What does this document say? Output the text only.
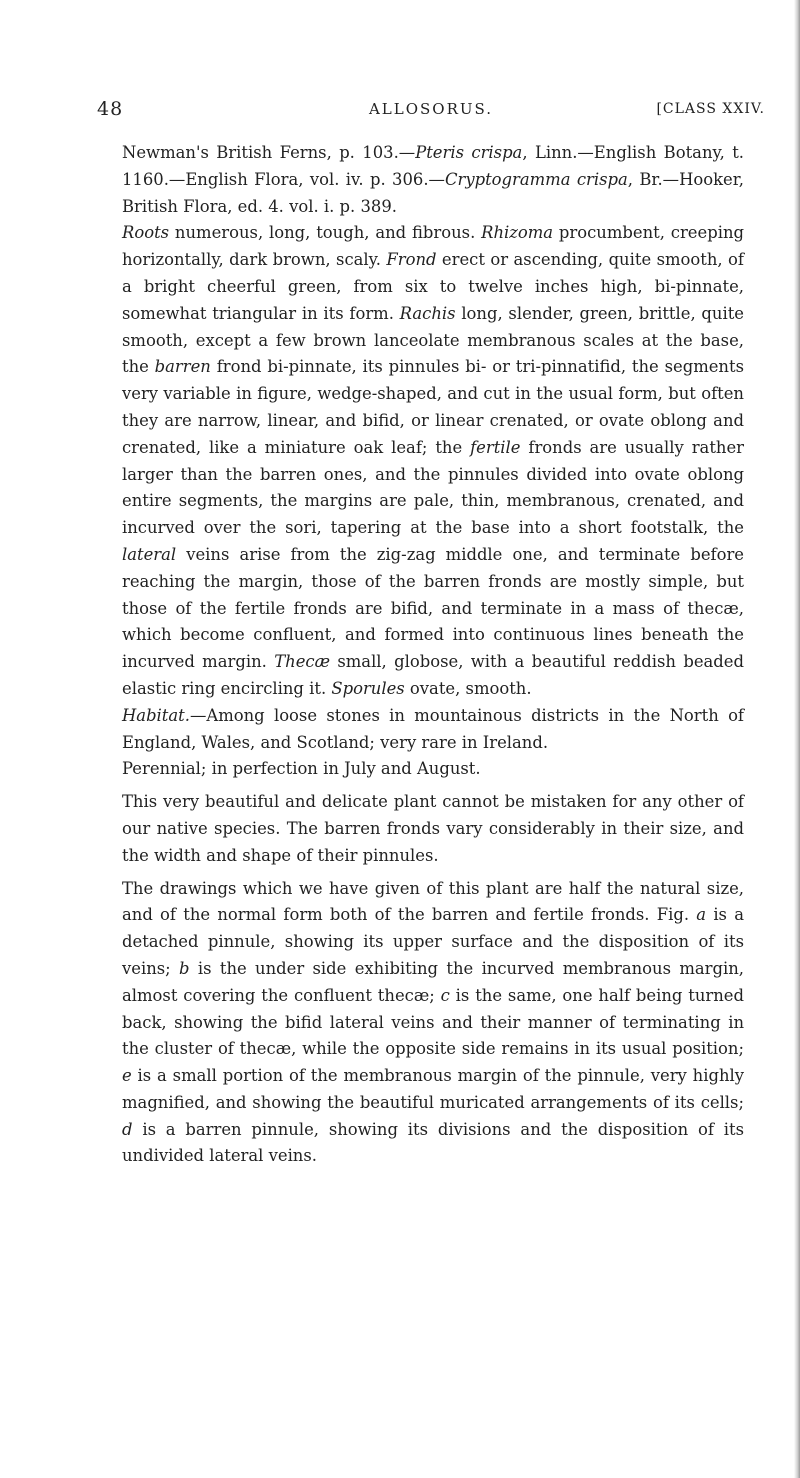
48	ALLOSORUS.	[CLASS XXIV.

Newman's British Ferns, p. 103.—Pteris crispa, Linn.—English Botany, t. 1160.—English Flora, vol. iv. p. 306.—Cryptogramma crispa, Br.—Hooker, British Flora, ed. 4. vol. i. p. 389.

Roots numerous, long, tough, and fibrous. Rhizoma procumbent, creeping horizontally, dark brown, scaly. Frond erect or ascending, quite smooth, of a bright cheerful green, from six to twelve inches high, bi-pinnate, somewhat triangular in its form. Rachis long, slender, green, brittle, quite smooth, except a few brown lanceolate membranous scales at the base, the barren frond bi-pinnate, its pinnules bi- or tri-pinnatifid, the segments very variable in figure, wedge-shaped, and cut in the usual form, but often they are narrow, linear, and bifid, or linear crenated, or ovate oblong and crenated, like a miniature oak leaf; the fertile fronds are usually rather larger than the barren ones, and the pinnules divided into ovate oblong entire segments, the margins are pale, thin, membranous, crenated, and incurved over the sori, tapering at the base into a short footstalk, the lateral veins arise from the zig-zag middle one, and terminate before reaching the margin, those of the barren fronds are mostly simple, but those of the fertile fronds are bifid, and terminate in a mass of thecæ, which become confluent, and formed into continuous lines beneath the incurved margin. Thecæ small, globose, with a beautiful reddish beaded elastic ring encircling it. Sporules ovate, smooth.

Habitat.—Among loose stones in mountainous districts in the North of England, Wales, and Scotland; very rare in Ireland.

Perennial; in perfection in July and August.

This very beautiful and delicate plant cannot be mistaken for any other of our native species. The barren fronds vary considerably in their size, and the width and shape of their pinnules.

The drawings which we have given of this plant are half the natural size, and of the normal form both of the barren and fertile fronds. Fig. a is a detached pinnule, showing its upper surface and the disposition of its veins; b is the under side exhibiting the incurved membranous margin, almost covering the confluent thecæ; c is the same, one half being turned back, showing the bifid lateral veins and their manner of terminating in the cluster of thecæ, while the opposite side remains in its usual position; e is a small portion of the membranous margin of the pinnule, very highly magnified, and showing the beautiful muricated arrangements of its cells; d is a barren pinnule, showing its divisions and the disposition of its undivided lateral veins.
